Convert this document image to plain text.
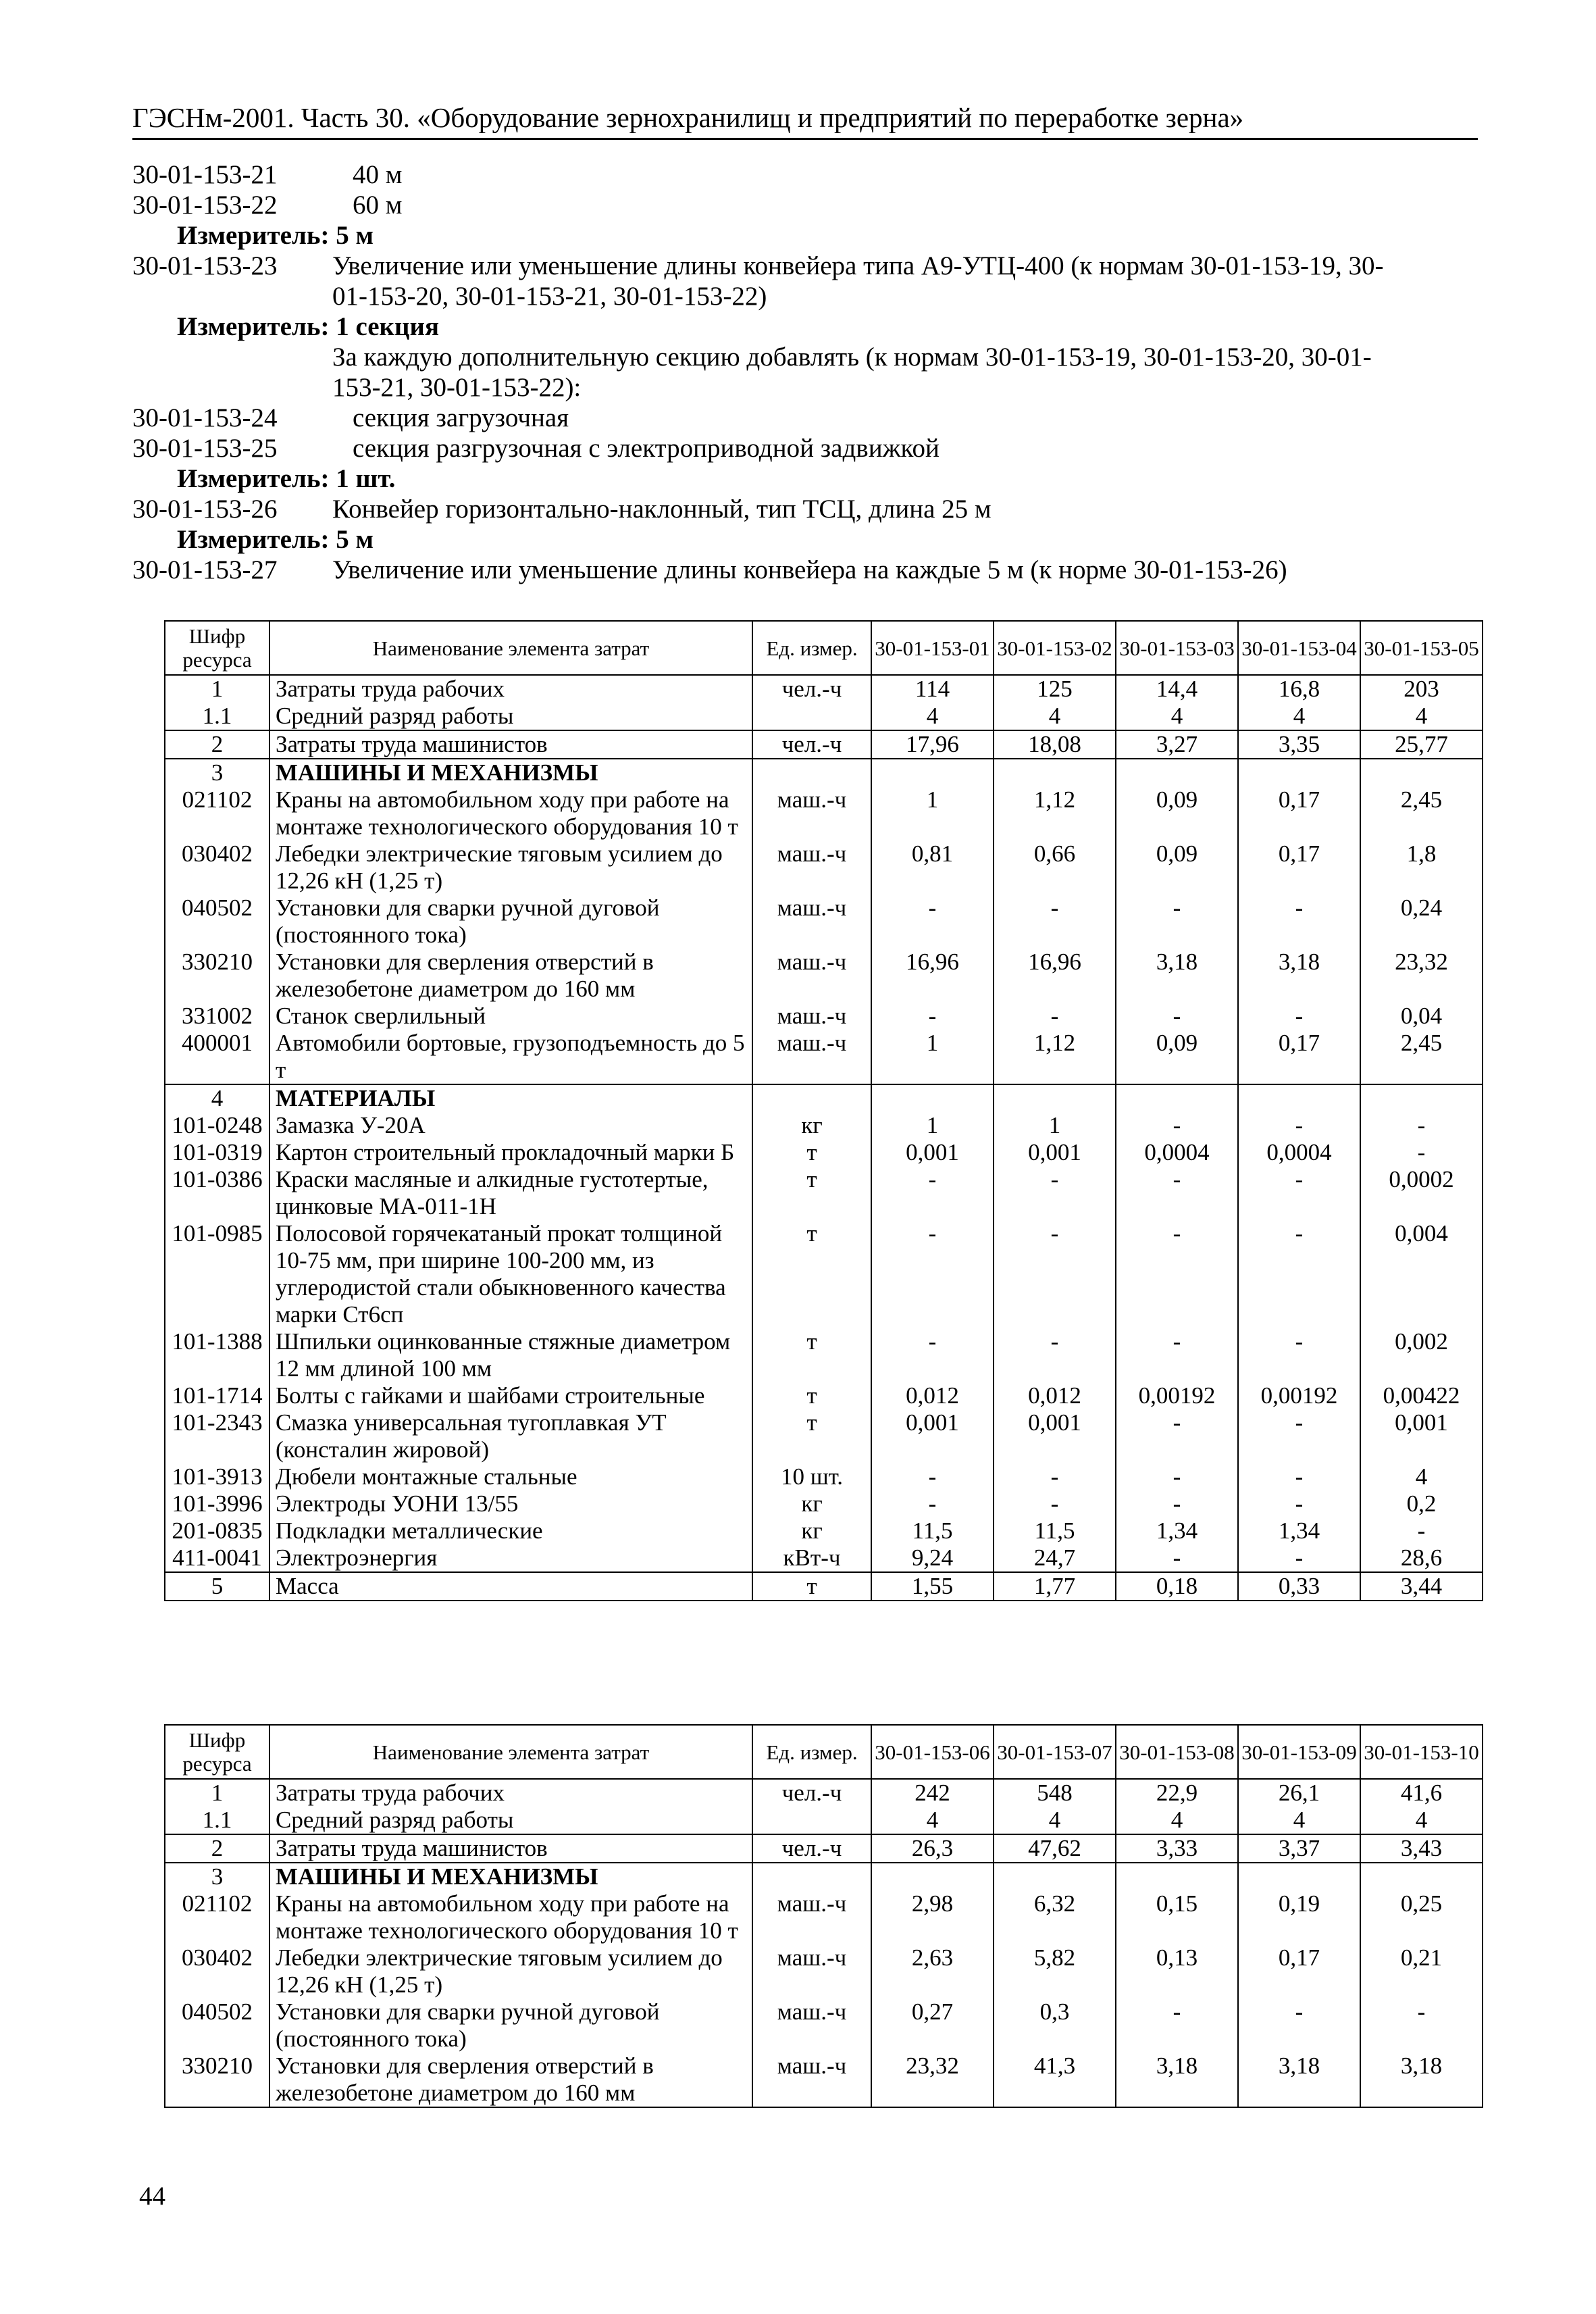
ГЭСНм-2001. Часть 30. «Оборудование зернохранилищ и предприятий по переработке зерна»
30-01-153-21	40 м
30-01-153-22	60 м
Измеритель: 5 м
30-01-153-23	Увеличение или уменьшение длины конвейера типа А9-УТЦ-400 (к нормам 30-01-153-19, 30-
01-153-20, 30-01-153-21, 30-01-153-22)
Измеритель: 1 секция
За каждую дополнительную секцию добавлять (к нормам 30-01-153-19, 30-01-153-20, 30-01-
153-21, 30-01-153-22):
30-01-153-24	секция загрузочная
30-01-153-25	секция разгрузочная с электроприводной задвижкой
Измеритель: 1 шт.
30-01-153-26	Конвейер горизонтально-наклонный, тип ТСЦ, длина 25 м
Измеритель: 5 м
30-01-153-27	Увеличение или уменьшение длины конвейера на каждые 5 м (к норме 30-01-153-26)
Шифр ресурса	Наименование элемента затрат	Ед. измер.	30-01-153-01	30-01-153-02	30-01-153-03	30-01-153-04	30-01-153-05
1	Затраты труда рабочих	чел.-ч	114	125	14,4	16,8	203
1.1	Средний разряд работы		4	4	4	4	4
2	Затраты труда машинистов	чел.-ч	17,96	18,08	3,27	3,35	25,77
3	МАШИНЫ И МЕХАНИЗМЫ						
021102	Краны на автомобильном ходу при работе на монтаже технологического оборудования 10 т	маш.-ч	1	1,12	0,09	0,17	2,45
030402	Лебедки электрические тяговым усилием до 12,26 кН (1,25 т)	маш.-ч	0,81	0,66	0,09	0,17	1,8
040502	Установки для сварки ручной дуговой (постоянного тока)	маш.-ч	-	-	-	-	0,24
330210	Установки для сверления отверстий в железобетоне диаметром до 160 мм	маш.-ч	16,96	16,96	3,18	3,18	23,32
331002	Станок сверлильный	маш.-ч	-	-	-	-	0,04
400001	Автомобили бортовые, грузоподъемность до 5 т	маш.-ч	1	1,12	0,09	0,17	2,45
4	МАТЕРИАЛЫ						
101-0248	Замазка У-20А	кг	1	1	-	-	-
101-0319	Картон строительный прокладочный марки Б	т	0,001	0,001	0,0004	0,0004	-
101-0386	Краски масляные и алкидные густотертые, цинковые МА-011-1Н	т	-	-	-	-	0,0002
101-0985	Полосовой горячекатаный прокат толщиной 10-75 мм, при ширине 100-200 мм, из углеродистой стали обыкновенного качества марки Ст6сп	т	-	-	-	-	0,004
101-1388	Шпильки оцинкованные стяжные диаметром 12 мм длиной 100 мм	т	-	-	-	-	0,002
101-1714	Болты с гайками и шайбами строительные	т	0,012	0,012	0,00192	0,00192	0,00422
101-2343	Смазка универсальная тугоплавкая УТ (консталин жировой)	т	0,001	0,001	-	-	0,001
101-3913	Дюбели монтажные стальные	10 шт.	-	-	-	-	4
101-3996	Электроды УОНИ 13/55	кг	-	-	-	-	0,2
201-0835	Подкладки металлические	кг	11,5	11,5	1,34	1,34	-
411-0041	Электроэнергия	кВт-ч	9,24	24,7	-	-	28,6
5	Масса	т	1,55	1,77	0,18	0,33	3,44
Шифр ресурса	Наименование элемента затрат	Ед. измер.	30-01-153-06	30-01-153-07	30-01-153-08	30-01-153-09	30-01-153-10
1	Затраты труда рабочих	чел.-ч	242	548	22,9	26,1	41,6
1.1	Средний разряд работы		4	4	4	4	4
2	Затраты труда машинистов	чел.-ч	26,3	47,62	3,33	3,37	3,43
3	МАШИНЫ И МЕХАНИЗМЫ						
021102	Краны на автомобильном ходу при работе на монтаже технологического оборудования 10 т	маш.-ч	2,98	6,32	0,15	0,19	0,25
030402	Лебедки электрические тяговым усилием до 12,26 кН (1,25 т)	маш.-ч	2,63	5,82	0,13	0,17	0,21
040502	Установки для сварки ручной дуговой (постоянного тока)	маш.-ч	0,27	0,3	-	-	-
330210	Установки для сверления отверстий в железобетоне диаметром до 160 мм	маш.-ч	23,32	41,3	3,18	3,18	3,18
44
